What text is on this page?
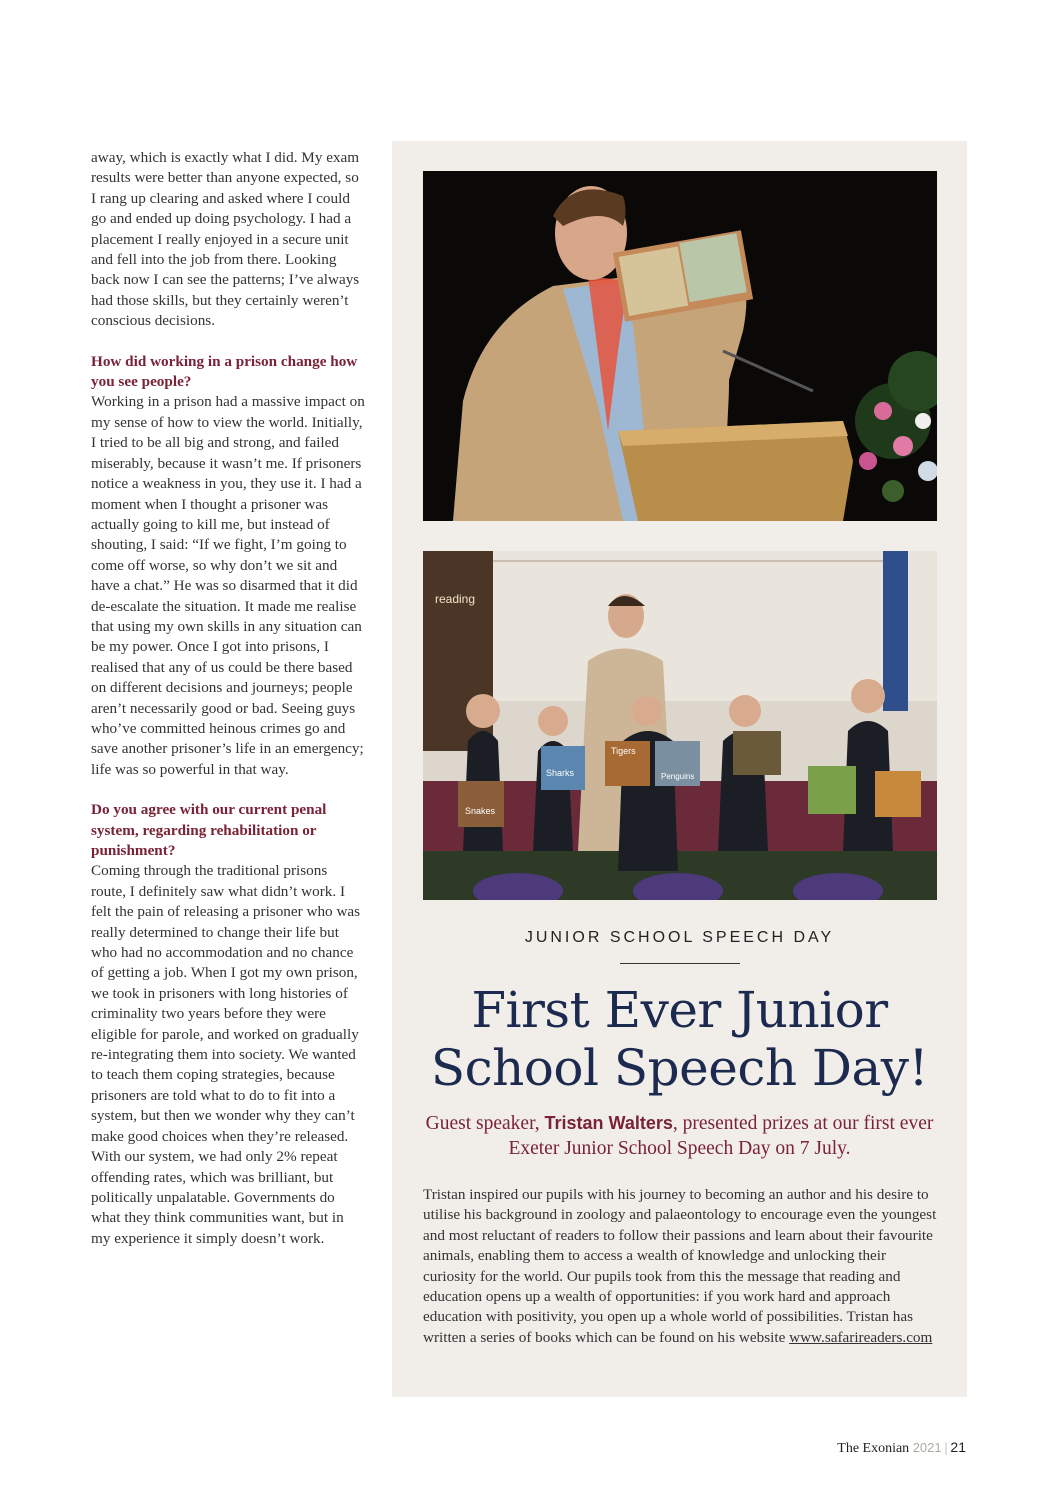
away, which is exactly what I did. My exam results were better than anyone expected, so I rang up clearing and asked where I could go and ended up doing psychology. I had a placement I really enjoyed in a secure unit and fell into the job from there. Looking back now I can see the patterns; I’ve always had those skills, but they certainly weren’t conscious decisions.

How did working in a prison change how you see people?

Working in a prison had a massive impact on my sense of how to view the world. Initially, I tried to be all big and strong, and failed miserably, because it wasn’t me. If prisoners notice a weakness in you, they use it. I had a moment when I thought a prisoner was actually going to kill me, but instead of shouting, I said: “If we fight, I’m going to come off worse, so why don’t we sit and have a chat.” He was so disarmed that it did de-escalate the situation. It made me realise that using my own skills in any situation can be my power. Once I got into prisons, I realised that any of us could be there based on different decisions and journeys; people aren’t necessarily good or bad. Seeing guys who’ve committed heinous crimes go and save another prisoner’s life in an emergency; life was so powerful in that way.

Do you agree with our current penal system, regarding rehabilitation or punishment?

Coming through the traditional prisons route, I definitely saw what didn’t work. I felt the pain of releasing a prisoner who was really determined to change their life but who had no accommodation and no chance of getting a job. When I got my own prison, we took in prisoners with long histories of criminality two years before they were eligible for parole, and worked on gradually re-integrating them into society. We wanted to teach them coping strategies, because prisoners are told what to do to fit into a system, but then we wonder why they can’t make good choices when they’re released. With our system, we had only 2% repeat offending rates, which was brilliant, but politically unpalatable. Governments do what they think communities want, but in my experience it simply doesn’t work.

reading
Snakes
Sharks
Tigers
Penguins
JUNIOR SCHOOL SPEECH DAY
First Ever Junior
School Speech Day!
Guest speaker, Tristan Walters, presented prizes at our first ever Exeter Junior School Speech Day on 7 July.
Tristan inspired our pupils with his journey to becoming an author and his desire to utilise his background in zoology and palaeontology to encourage even the youngest and most reluctant of readers to follow their passions and learn about their favourite animals, enabling them to access a wealth of knowledge and unlocking their curiosity for the world. Our pupils took from this the message that reading and education opens up a wealth of opportunities: if you work hard and approach education with positivity, you open up a whole world of possibilities. Tristan has written a series of books which can be found on his website www.safarireaders.com
The Exonian 2021 | 21
